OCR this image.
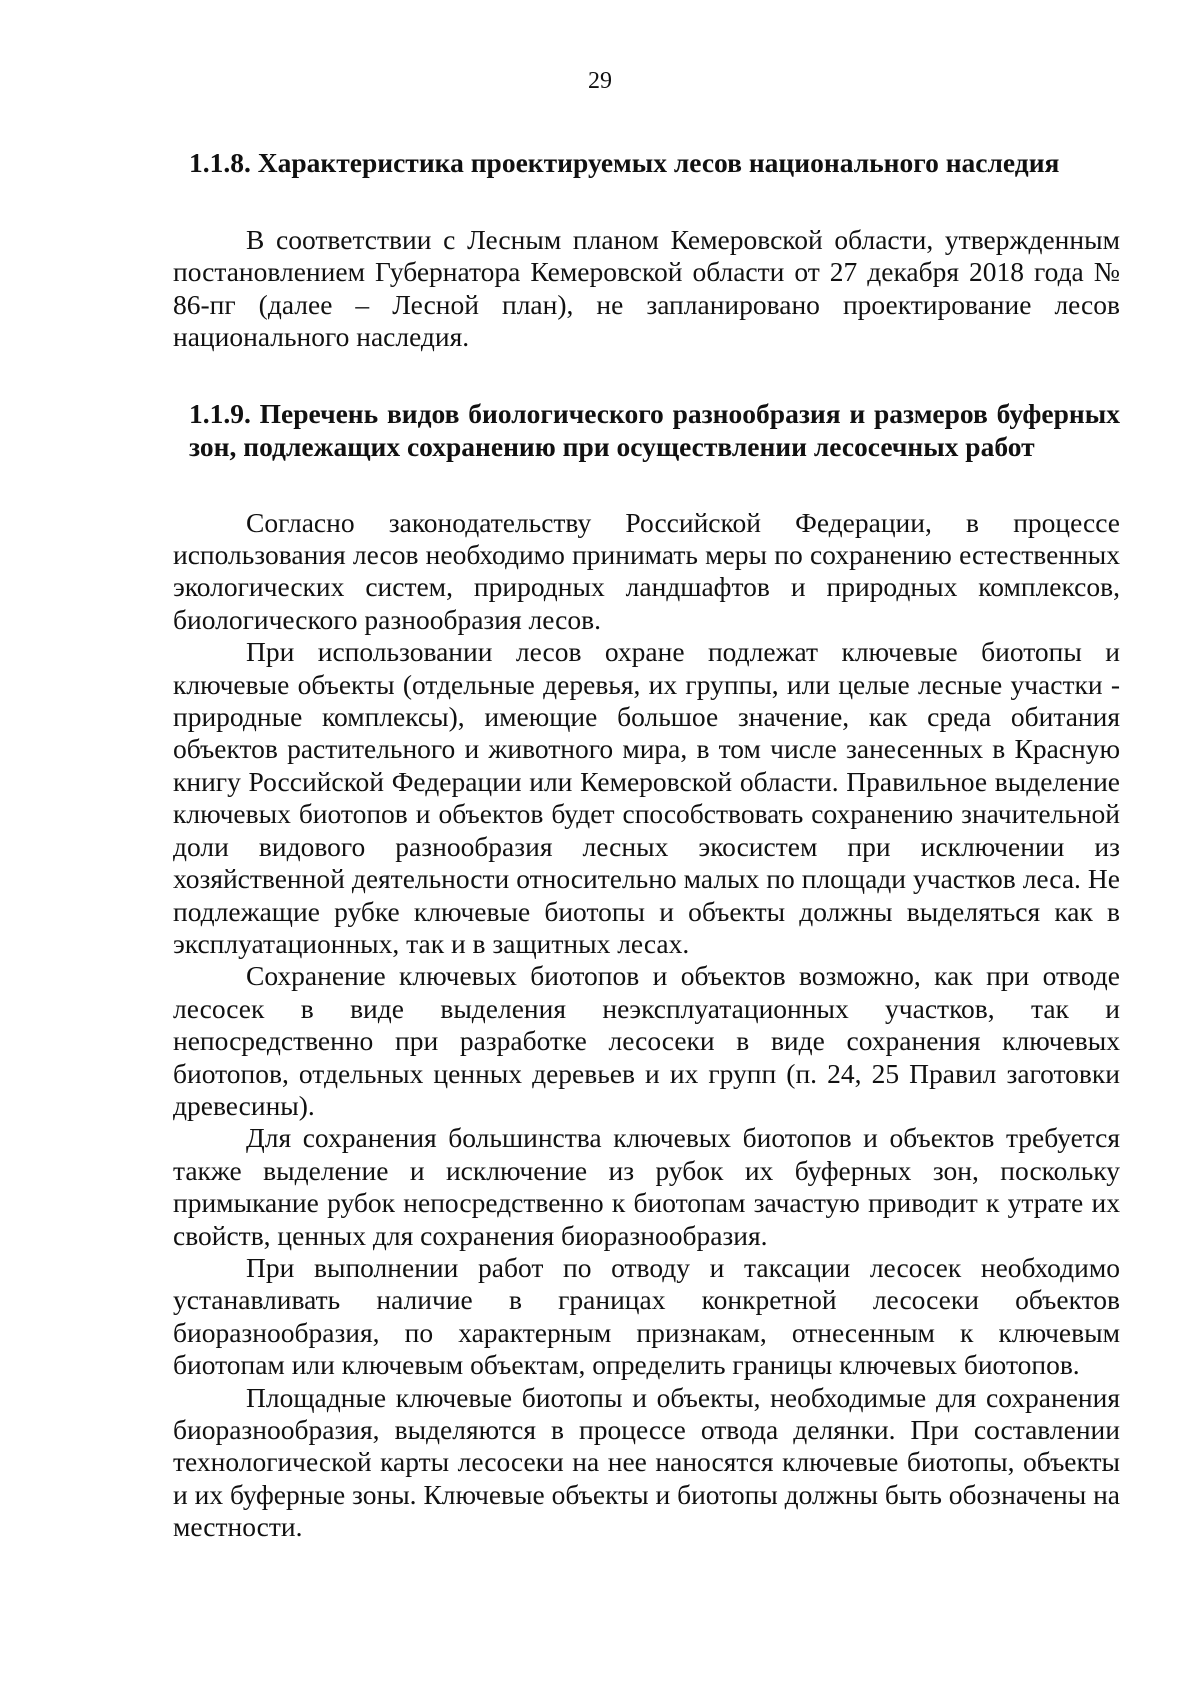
29
1.1.8. Характеристика проектируемых лесов национального наследия

В соответствии с Лесным планом Кемеровской области, утвержденным постановлением Губернатора Кемеровской области от 27 декабря 2018 года № 86-пг (далее – Лесной план), не запланировано проектирование лесов национального наследия.

1.1.9. Перечень видов биологического разнообразия и размеров буферных зон, подлежащих сохранению при осуществлении лесосечных работ

Согласно законодательству Российской Федерации, в процессе использования лесов необходимо принимать меры по сохранению естественных экологических систем, природных ландшафтов и природных комплексов, биологического разнообразия лесов.

При использовании лесов охране подлежат ключевые биотопы и ключевые объекты (отдельные деревья, их группы, или целые лесные участки - природные комплексы), имеющие большое значение, как среда обитания объектов растительного и животного мира, в том числе занесенных в Красную книгу Российской Федерации или Кемеровской области. Правильное выделение ключевых биотопов и объектов будет способствовать сохранению значительной доли видового разнообразия лесных экосистем при исключении из хозяйственной деятельности относительно малых по площади участков леса. Не подлежащие рубке ключевые биотопы и объекты должны выделяться как в эксплуатационных, так и в защитных лесах.

Сохранение ключевых биотопов и объектов возможно, как при отводе лесосек в виде выделения неэксплуатационных участков, так и непосредственно при разработке лесосеки в виде сохранения ключевых биотопов, отдельных ценных деревьев и их групп (п. 24, 25 Правил заготовки древесины).

Для сохранения большинства ключевых биотопов и объектов требуется также выделение и исключение из рубок их буферных зон, поскольку примыкание рубок непосредственно к биотопам зачастую приводит к утрате их свойств, ценных для сохранения биоразнообразия.

При выполнении работ по отводу и таксации лесосек необходимо устанавливать наличие в границах конкретной лесосеки объектов биоразнообразия, по характерным признакам, отнесенным к ключевым биотопам или ключевым объектам, определить границы ключевых биотопов.

Площадные ключевые биотопы и объекты, необходимые для сохранения биоразнообразия, выделяются в процессе отвода делянки. При составлении технологической карты лесосеки на нее наносятся ключевые биотопы, объекты и их буферные зоны. Ключевые объекты и биотопы должны быть обозначены на местности.
